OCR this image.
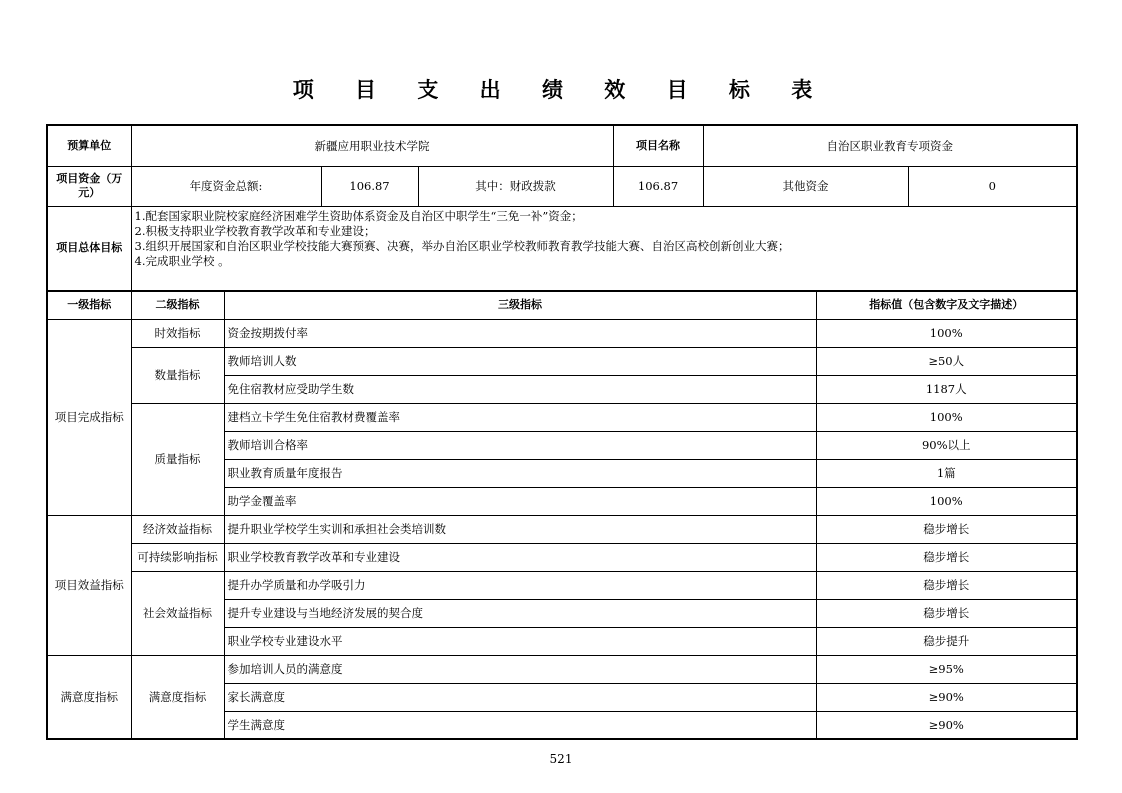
项 目 支 出 绩 效 目 标 表
预算单位	新疆应用职业技术学院			项目名称	自治区职业教育专项资金	
项目资金（万元）	年度资金总额:	106.87	其中：财政拨款	106.87	其他资金	0
项目总体目标	1.配套国家职业院校家庭经济困难学生资助体系资金及自治区中职学生“三免一补”资金；
2.积极支持职业学校教育教学改革和专业建设；
3.组织开展国家和自治区职业学校技能大赛预赛、决赛，举办自治区职业学校教师教育教学技能大赛、自治区高校创新创业大赛；
4.完成职业学校 。					
一级指标	二级指标	三级指标	指标值（包含数字及文字描述）
项目完成指标	时效指标	资金按期拨付率	100%
	数量指标	教师培训人数	≥50人
		免住宿教材应受助学生数	1187人
	质量指标	建档立卡学生免住宿教材费覆盖率	100%
		教师培训合格率	90%以上
		职业教育质量年度报告	1篇
		助学金覆盖率	100%
项目效益指标	经济效益指标	提升职业学校学生实训和承担社会类培训数	稳步增长
	可持续影响指标	职业学校教育教学改革和专业建设	稳步增长
	社会效益指标	提升办学质量和办学吸引力	稳步增长
		提升专业建设与当地经济发展的契合度	稳步增长
		职业学校专业建设水平	稳步提升
满意度指标	满意度指标	参加培训人员的满意度	≥95%
		家长满意度	≥90%
		学生满意度	≥90%
521
